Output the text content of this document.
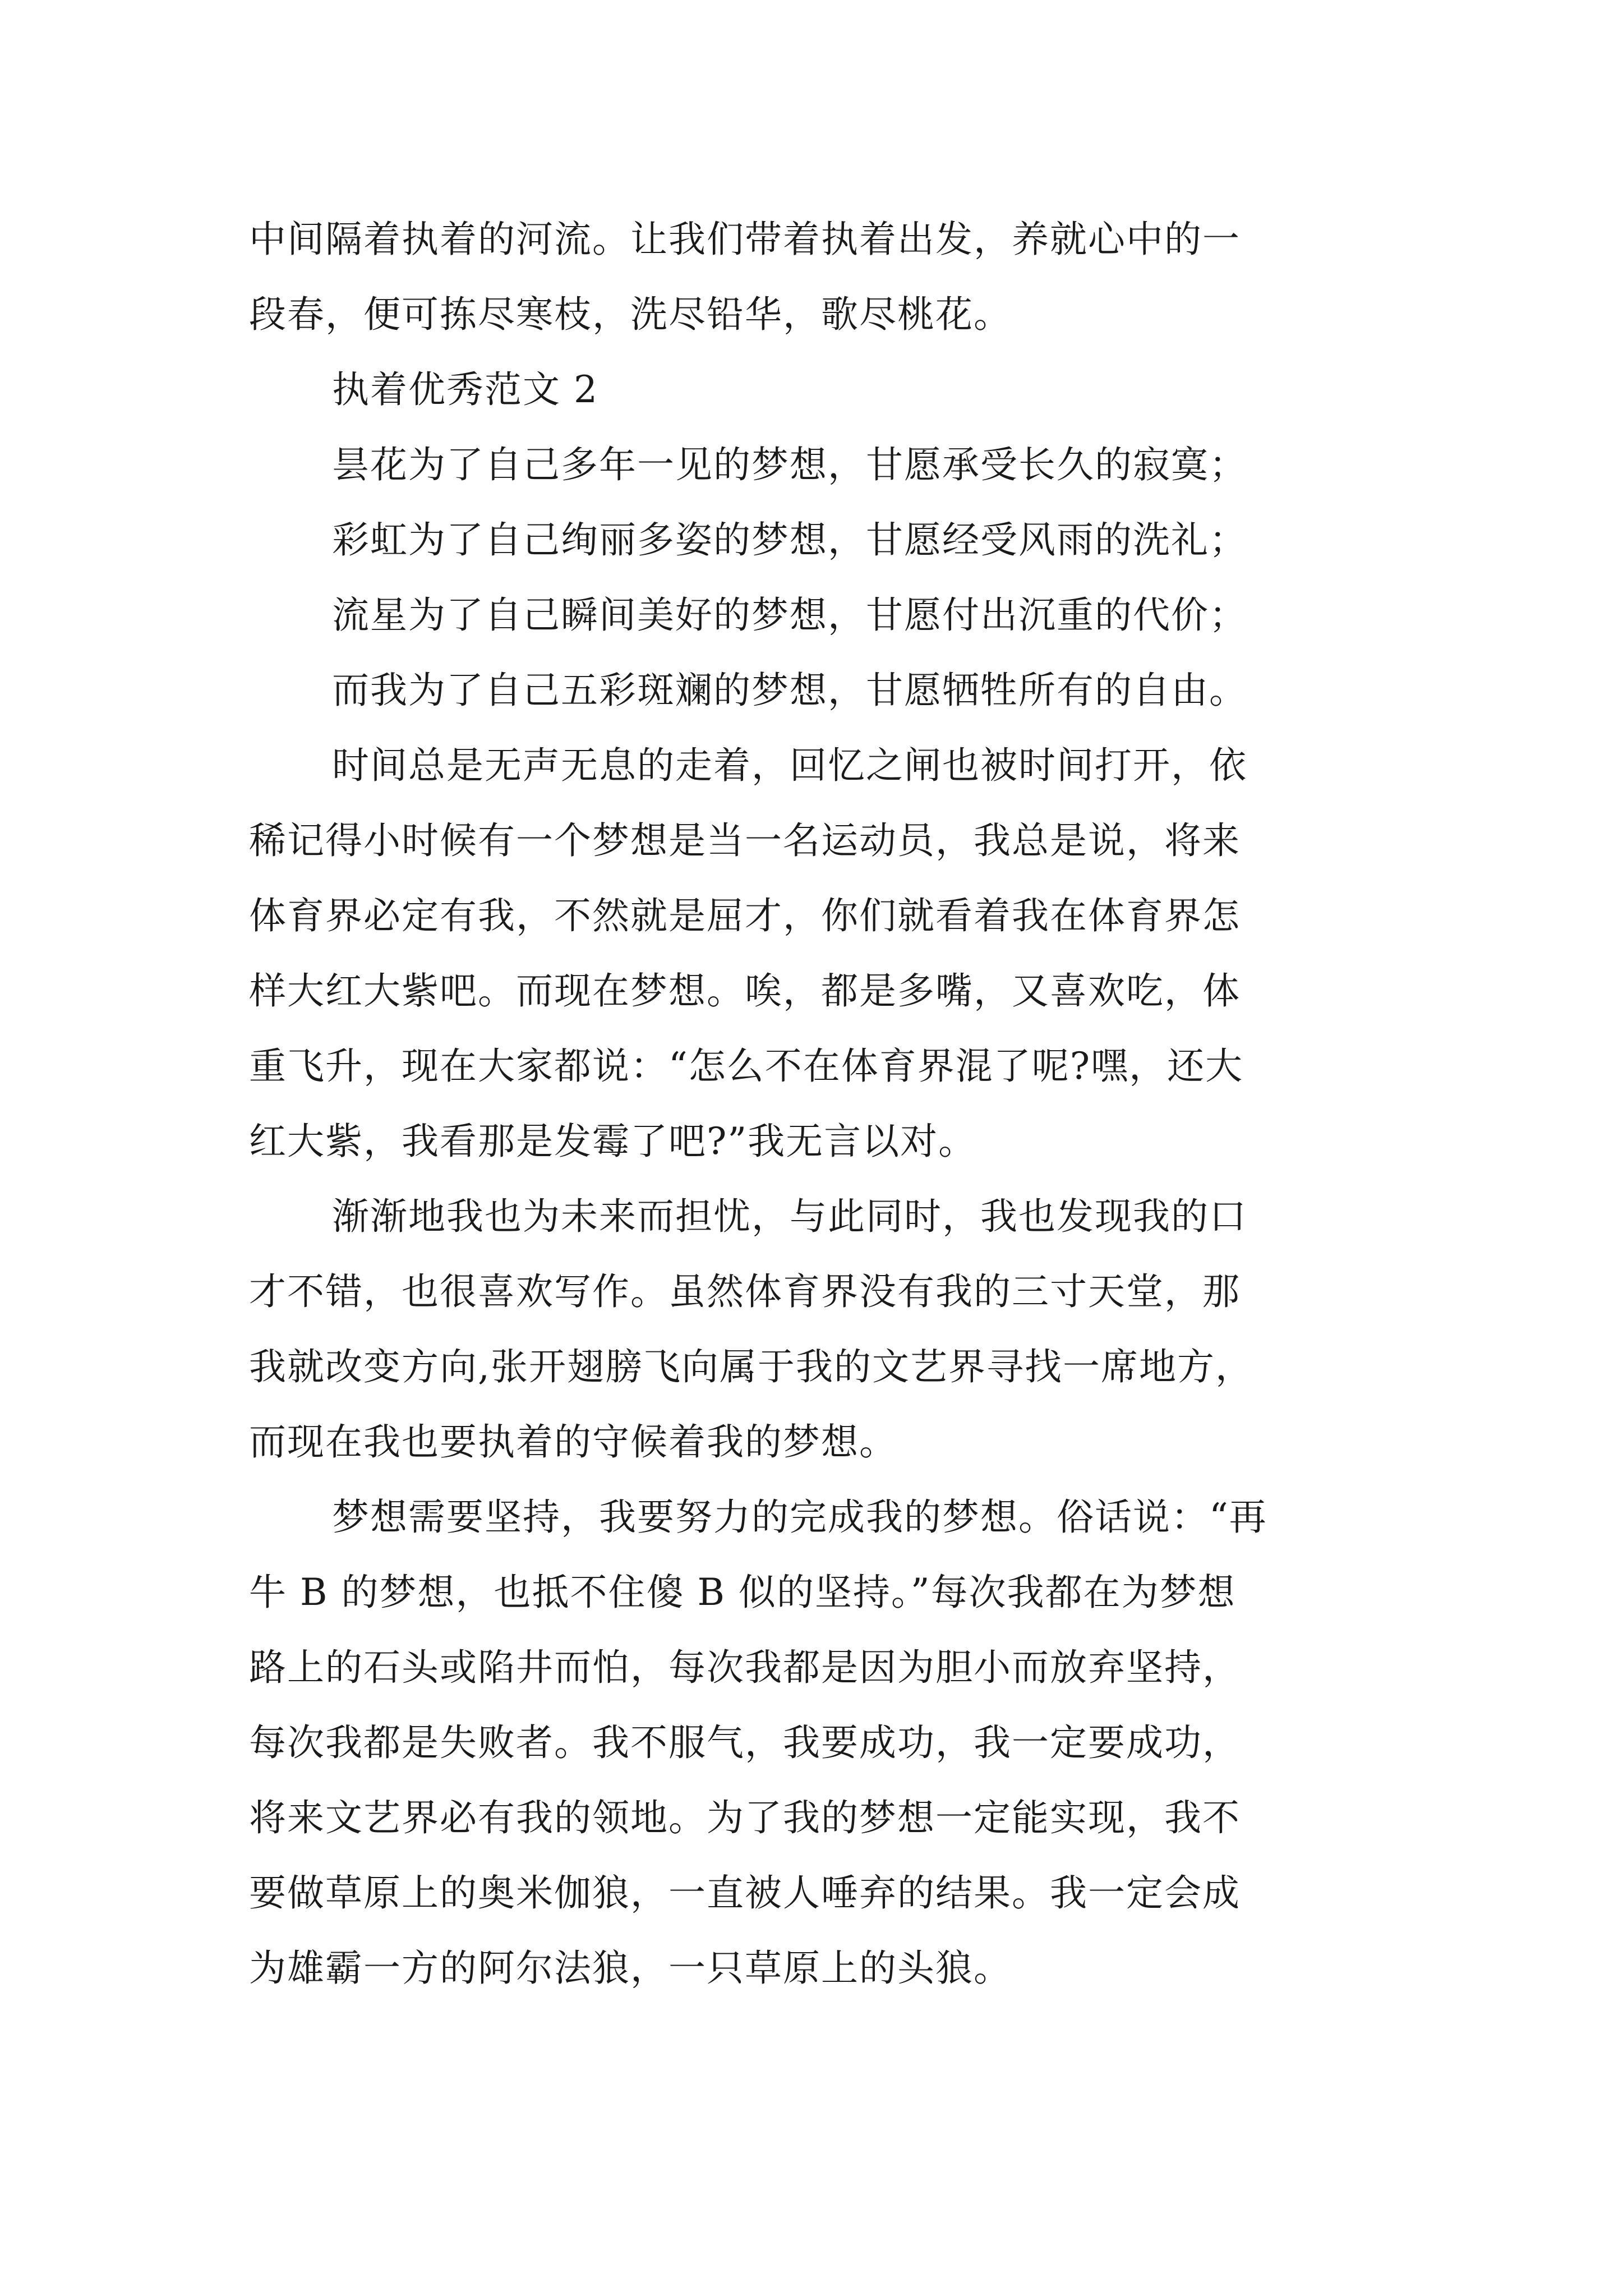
中间隔着执着的河流。让我们带着执着出发，养就心中的一
段春，便可拣尽寒枝，洗尽铅华，歌尽桃花。
执着优秀范文 2
昙花为了自己多年一见的梦想，甘愿承受长久的寂寞；
彩虹为了自己绚丽多姿的梦想，甘愿经受风雨的洗礼；
流星为了自己瞬间美好的梦想，甘愿付出沉重的代价；
而我为了自己五彩斑斓的梦想，甘愿牺牲所有的自由。
时间总是无声无息的走着，回忆之闸也被时间打开，依
稀记得小时候有一个梦想是当一名运动员，我总是说，将来
体育界必定有我，不然就是屈才，你们就看着我在体育界怎
样大红大紫吧。而现在梦想。唉，都是多嘴，又喜欢吃，体
重飞升，现在大家都说：“怎么不在体育界混了呢?嘿，还大
红大紫，我看那是发霉了吧?”我无言以对。
渐渐地我也为未来而担忧，与此同时，我也发现我的口
才不错，也很喜欢写作。虽然体育界没有我的三寸天堂，那
我就改变方向,张开翅膀飞向属于我的文艺界寻找一席地方，
而现在我也要执着的守候着我的梦想。
梦想需要坚持，我要努力的完成我的梦想。俗话说：“再
牛 B 的梦想，也抵不住傻 B 似的坚持。”每次我都在为梦想
路上的石头或陷井而怕，每次我都是因为胆小而放弃坚持，
每次我都是失败者。我不服气，我要成功，我一定要成功，
将来文艺界必有我的领地。为了我的梦想一定能实现，我不
要做草原上的奥米伽狼，一直被人唾弃的结果。我一定会成
为雄霸一方的阿尔法狼，一只草原上的头狼。
